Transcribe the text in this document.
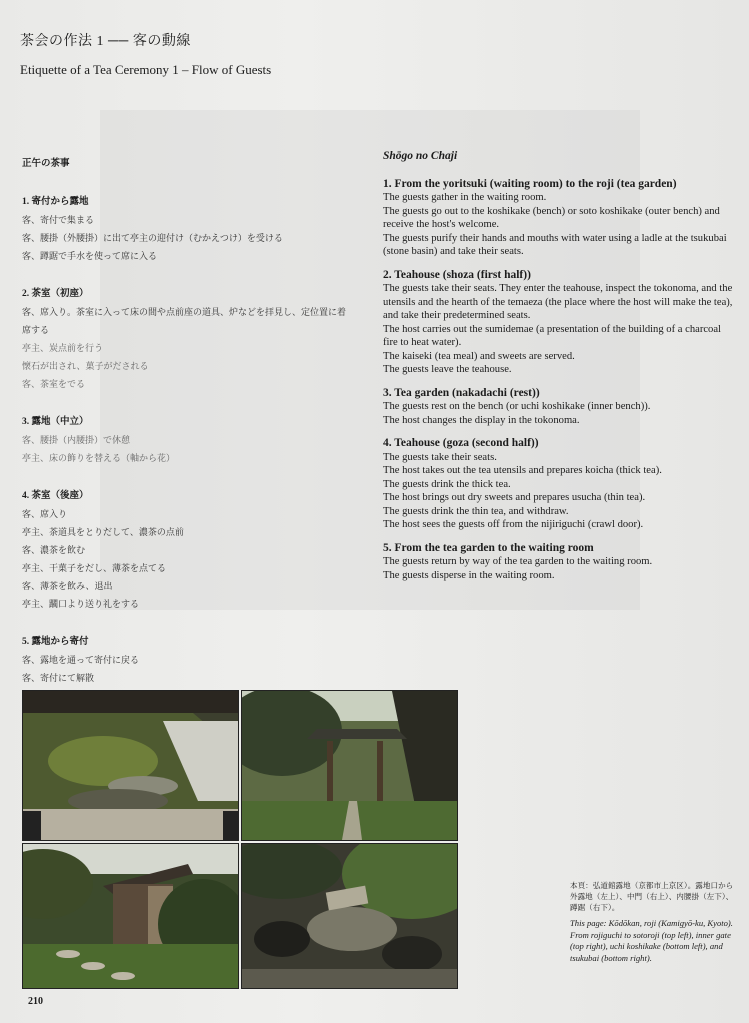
茶会の作法 1 ── 客の動線
Etiquette of a Tea Ceremony 1 – Flow of Guests
正午の茶事
1. 寄付から露地
客、寄付で集まる
客、腰掛（外腰掛）に出て亭主の迎付け（むかえつけ）を受ける
客、蹲踞で手水を使って席に入る
2. 茶室（初座）
客、席入り。茶室に入って床の間や点前座の道具、炉などを拝見し、定位置に着
席する
亭主、炭点前を行う
懐石が出され、菓子がだされる
客、茶室をでる
3. 露地（中立）
客、腰掛（内腰掛）で休憩
亭主、床の飾りを替える（軸から花）
4. 茶室（後座）
客、席入り
亭主、茶道具をとりだして、濃茶の点前
客、濃茶を飲む
亭主、干菓子をだし、薄茶を点てる
客、薄茶を飲み、退出
亭主、躙口より送り礼をする
5. 露地から寄付
客、露地を通って寄付に戻る
客、寄付にて解散
Shōgo no Chaji
1. From the yoritsuki (waiting room) to the roji (tea garden)
The guests gather in the waiting room.
The guests go out to the koshikake (bench) or soto koshikake (outer bench) and receive the host's welcome.
The guests purify their hands and mouths with water using a ladle at the tsukubai (stone basin) and take their seats.
2. Teahouse (shoza (first half))
The guests take their seats. They enter the teahouse, inspect the tokonoma, and the utensils and the hearth of the temaeza (the place where the host will make the tea), and take their predetermined seats.
The host carries out the sumidemae (a presentation of the building of a charcoal fire to heat water).
The kaiseki (tea meal) and sweets are served.
The guests leave the teahouse.
3. Tea garden (nakadachi (rest))
The guests rest on the bench (or uchi koshikake (inner bench)).
The host changes the display in the tokonoma.
4. Teahouse (goza (second half))
The guests take their seats.
The host takes out the tea utensils and prepares koicha (thick tea).
The guests drink the thick tea.
The host brings out dry sweets and prepares usucha (thin tea).
The guests drink the thin tea, and withdraw.
The host sees the guests off from the nijiriguchi (crawl door).
5. From the tea garden to the waiting room
The guests return by way of the tea garden to the waiting room.
The guests disperse in the waiting room.
本頁：弘道館露地（京都市上京区）。露地口から外露地（左上）、中門（右上）、内腰掛（左下）、蹲踞（右下）。
This page: Kōdōkan, roji (Kamigyō-ku, Kyoto). From rojiguchi to sotoroji (top left), inner gate (top right), uchi koshikake (bottom left), and tsukubai (bottom right).
210
